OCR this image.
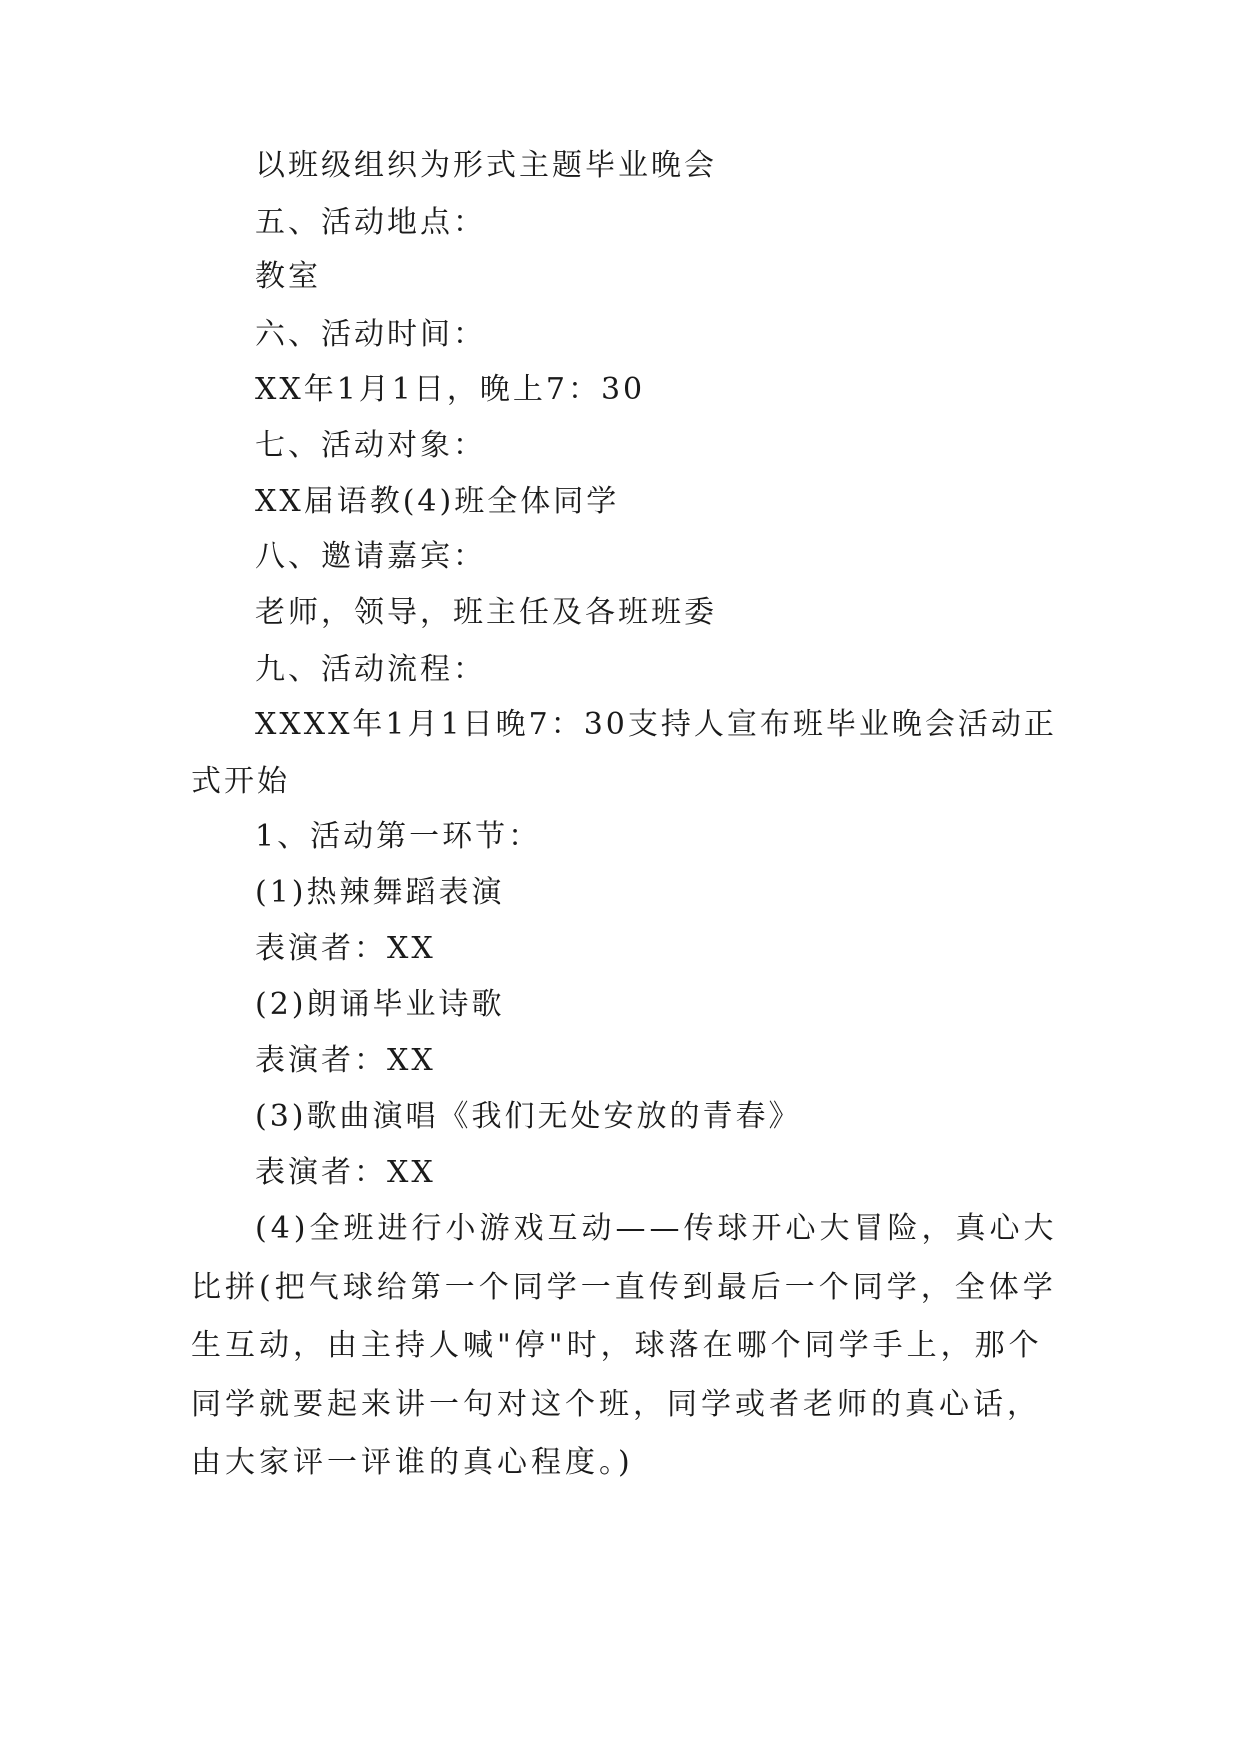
以班级组织为形式主题毕业晚会
五、活动地点：
教室
六、活动时间：
XX年1月1日，晚上7：30
七、活动对象：
XX届语教(4)班全体同学
八、邀请嘉宾：
老师，领导，班主任及各班班委
九、活动流程：
XXXX年1月1日晚7：30支持人宣布班毕业晚会活动正
式开始
1、活动第一环节：
(1)热辣舞蹈表演
表演者：XX
(2)朗诵毕业诗歌
表演者：XX
(3)歌曲演唱《我们无处安放的青春》
表演者：XX
(4)全班进行小游戏互动——传球开心大冒险，真心大比拼(把气球给第一个同学一直传到最后一个同学，全体学生互动，由主持人喊"停"时，球落在哪个同学手上，那个同学就要起来讲一句对这个班，同学或者老师的真心话，由大家评一评谁的真心程度。)
